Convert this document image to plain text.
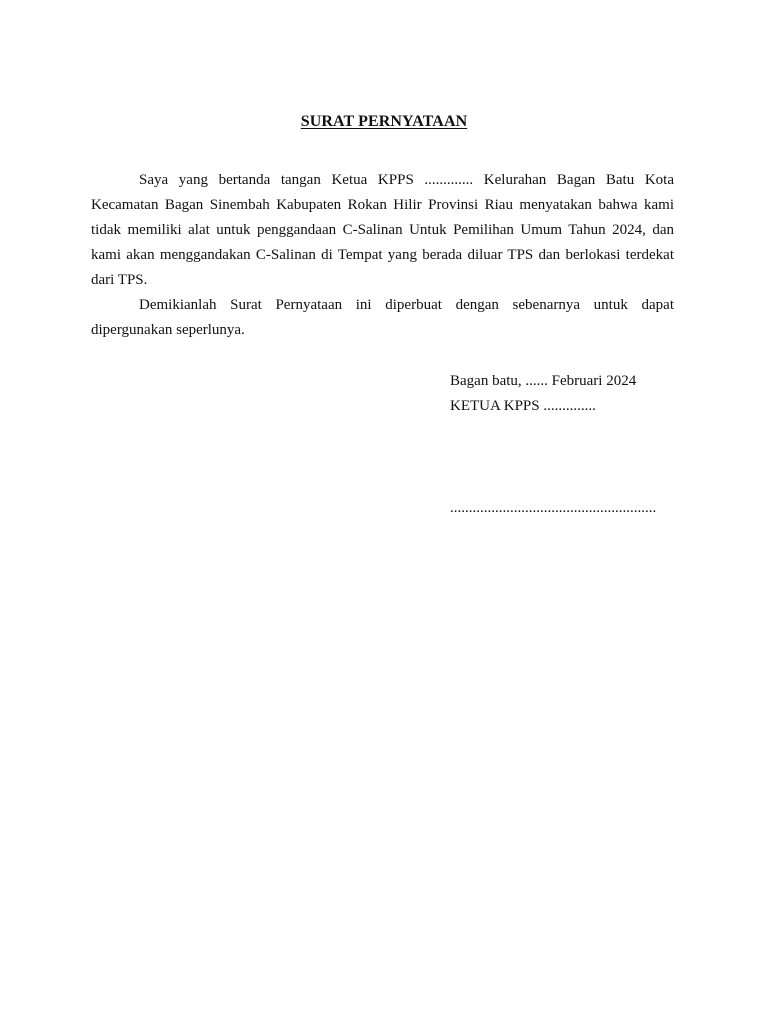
SURAT PERNYATAAN

Saya yang bertanda tangan Ketua KPPS ............. Kelurahan Bagan Batu Kota Kecamatan Bagan Sinembah Kabupaten Rokan Hilir Provinsi Riau menyatakan bahwa kami tidak memiliki alat untuk penggandaan C-Salinan Untuk Pemilihan Umum Tahun 2024, dan kami akan menggandakan C-Salinan di Tempat yang berada diluar TPS dan berlokasi terdekat dari TPS.

Demikianlah Surat Pernyataan ini diperbuat dengan sebenarnya untuk dapat dipergunakan seperlunya.

Bagan batu, ...... Februari 2024
KETUA KPPS ..............
.......................................................
